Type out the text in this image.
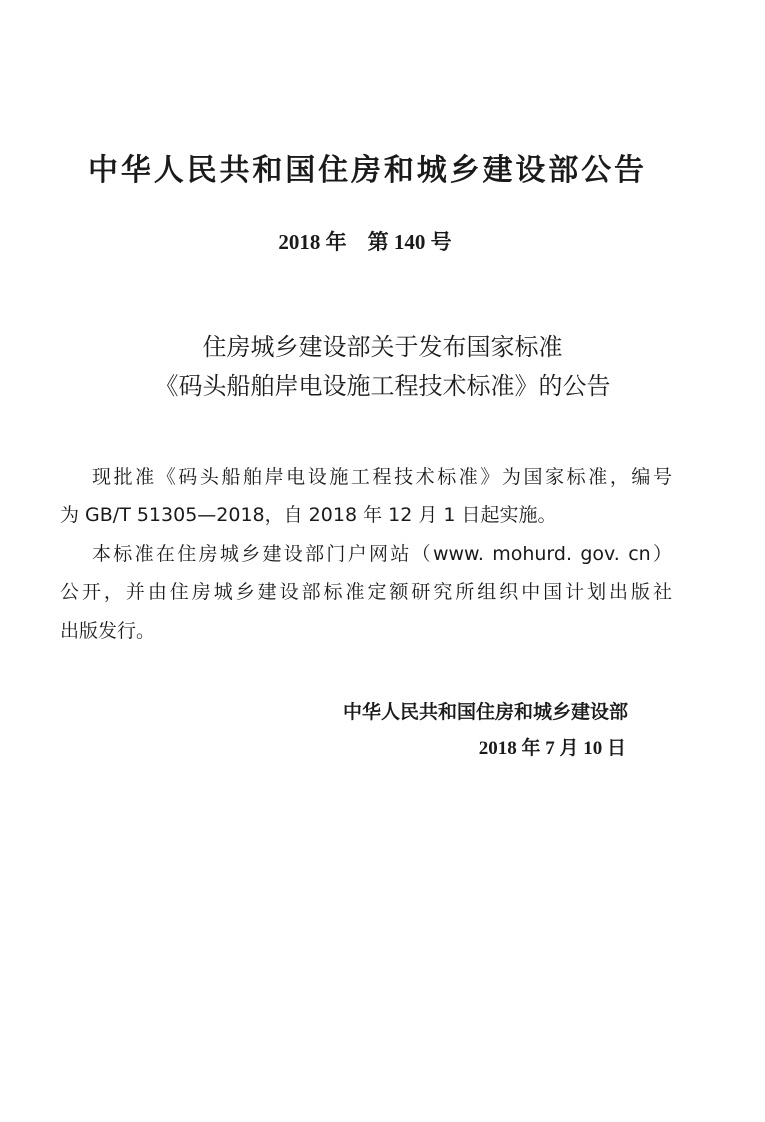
中华人民共和国住房和城乡建设部公告
2018 年　第 140 号
住房城乡建设部关于发布国家标准
《码头船舶岸电设施工程技术标准》的公告
现批准《码头船舶岸电设施工程技术标准》为国家标准，编号
为 GB/T 51305—2018，自 2018 年 12 月 1 日起实施。
本标准在住房城乡建设部门户网站（www. mohurd. gov. cn）
公开，并由住房城乡建设部标准定额研究所组织中国计划出版社
出版发行。
中华人民共和国住房和城乡建设部
2018 年 7 月 10 日
